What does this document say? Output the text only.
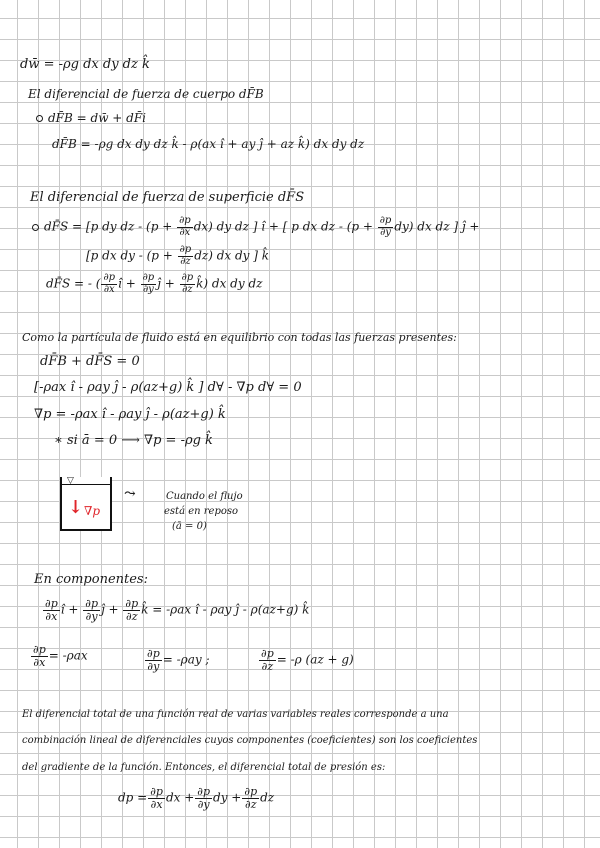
dw̄ = -ρg dx dy dz k̂
El diferencial de fuerza de cuerpo dF̄B
dF̄B = dw̄ + dF̄i
dF̄B = -ρg dx dy dz k̂ - ρ(ax î + ay ĵ + az k̂) dx dy dz
El diferencial de fuerza de superficie dF̄S
dF̄S = [p dy dz - $(p + \frac{\partial p}{\partial x} dx)$ dy dz ] î + [ p dx dz - $(p + \frac{\partial p}{\partial y} dy)$ dx dz ] ĵ +
[p dx dy - $(p + \frac{\partial p}{\partial z} dz)$ dx dy ] k̂
dF̄S = - ( $\frac{\partial p}{\partial x}$ î + $\frac{\partial p}{\partial y}$ ĵ + $\frac{\partial p}{\partial z}$ k̂) dx dy dz
Como la partícula de fluido está en equilibrio con todas las fuerzas presentes:
dF̄B + dF̄S = 0
[-ρax î - ρay ĵ - ρ(az+g) k̂ ] d∀ - ∇p d∀ = 0
∇p = -ρax î - ρay ĵ - ρ(az+g) k̂
∗ si ā = 0 ⟶ ∇p = -ρg k̂
▽
↓ ∇p
⤳	Cuando el flujo
está en reposo
(ā = 0)
En componentes:
$\frac{\partial p}{\partial x}$ î + $\frac{\partial p}{\partial y}$ ĵ + $\frac{\partial p}{\partial z}$ k̂ = -ρax î - ρay ĵ - ρ(az+g) k̂
$\frac{\partial p}{\partial x} = -\rho ax$	$\frac{\partial p}{\partial y} = -\rho ay$ ;	$\frac{\partial p}{\partial z} = -\rho$ (az + g)
El diferencial total de una función real de varias variables reales corresponde a una
combinación lineal de diferenciales cuyos componentes (coeficientes) son los coeficientes
del gradiente de la función. Entonces, el diferencial total de presión es:
dp = $\frac{\partial p}{\partial x}$ dx + $\frac{\partial p}{\partial y}$ dy + $\frac{\partial p}{\partial z}$ dz
